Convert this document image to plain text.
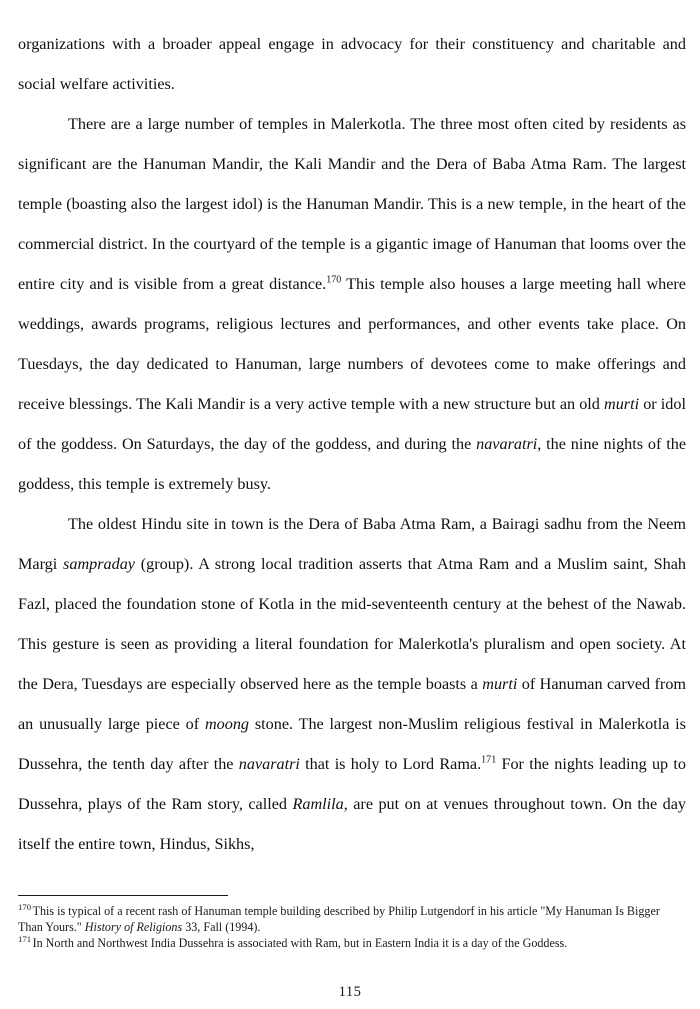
organizations with a broader appeal engage in advocacy for their constituency and charitable and social welfare activities.

There are a large number of temples in Malerkotla. The three most often cited by residents as significant are the Hanuman Mandir, the Kali Mandir and the Dera of Baba Atma Ram. The largest temple (boasting also the largest idol) is the Hanuman Mandir. This is a new temple, in the heart of the commercial district. In the courtyard of the temple is a gigantic image of Hanuman that looms over the entire city and is visible from a great distance.$^{170}$ This temple also houses a large meeting hall where weddings, awards programs, religious lectures and performances, and other events take place. On Tuesdays, the day dedicated to Hanuman, large numbers of devotees come to make offerings and receive blessings. The Kali Mandir is a very active temple with a new structure but an old murti or idol of the goddess. On Saturdays, the day of the goddess, and during the navaratri, the nine nights of the goddess, this temple is extremely busy.

The oldest Hindu site in town is the Dera of Baba Atma Ram, a Bairagi sadhu from the Neem Margi sampraday (group). A strong local tradition asserts that Atma Ram and a Muslim saint, Shah Fazl, placed the foundation stone of Kotla in the mid-seventeenth century at the behest of the Nawab. This gesture is seen as providing a literal foundation for Malerkotla's pluralism and open society. At the Dera, Tuesdays are especially observed here as the temple boasts a murti of Hanuman carved from an unusually large piece of moong stone. The largest non-Muslim religious festival in Malerkotla is Dussehra, the tenth day after the navaratri that is holy to Lord Rama.$^{171}$ For the nights leading up to Dussehra, plays of the Ram story, called Ramlila, are put on at venues throughout town. On the day itself the entire town, Hindus, Sikhs,

$^{170}$ This is typical of a recent rash of Hanuman temple building described by Philip Lutgendorf in his article "My Hanuman Is Bigger Than Yours." History of Religions 33, Fall (1994).

$^{171}$ In North and Northwest India Dussehra is associated with Ram, but in Eastern India it is a day of the Goddess.

115
